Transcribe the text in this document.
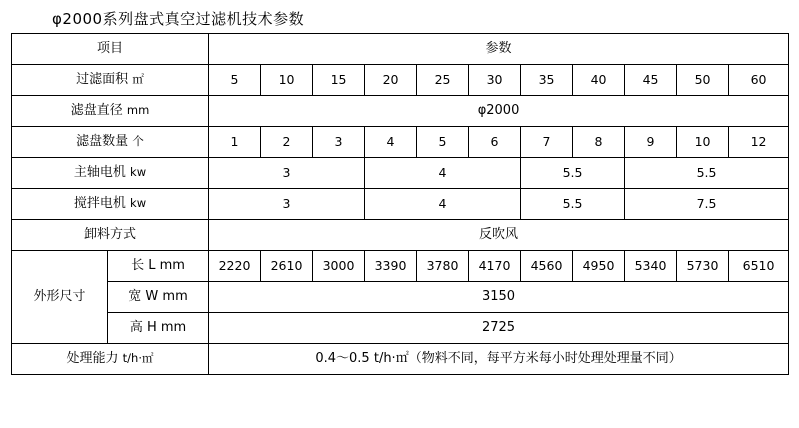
φ2000系列盘式真空过滤机技术参数
项目		参数										
过滤面积 ㎡		5	10	15	20	25	30	35	40	45	50	60
滤盘直径 mm		φ2000										
滤盘数量 个		1	2	3	4	5	6	7	8	9	10	12
主轴电机 kw		3			4			5.5		5.5		
搅拌电机 kw		3			4			5.5		7.5		
卸料方式		反吹风										
外形尺寸	长 L mm	2220	2610	3000	3390	3780	4170	4560	4950	5340	5730	6510
	宽 W mm	3150										
	高 H mm	2725										
处理能力 t/h·㎡		0.4～0.5 t/h·㎡（物料不同，每平方米每小时处理处理量不同）										
